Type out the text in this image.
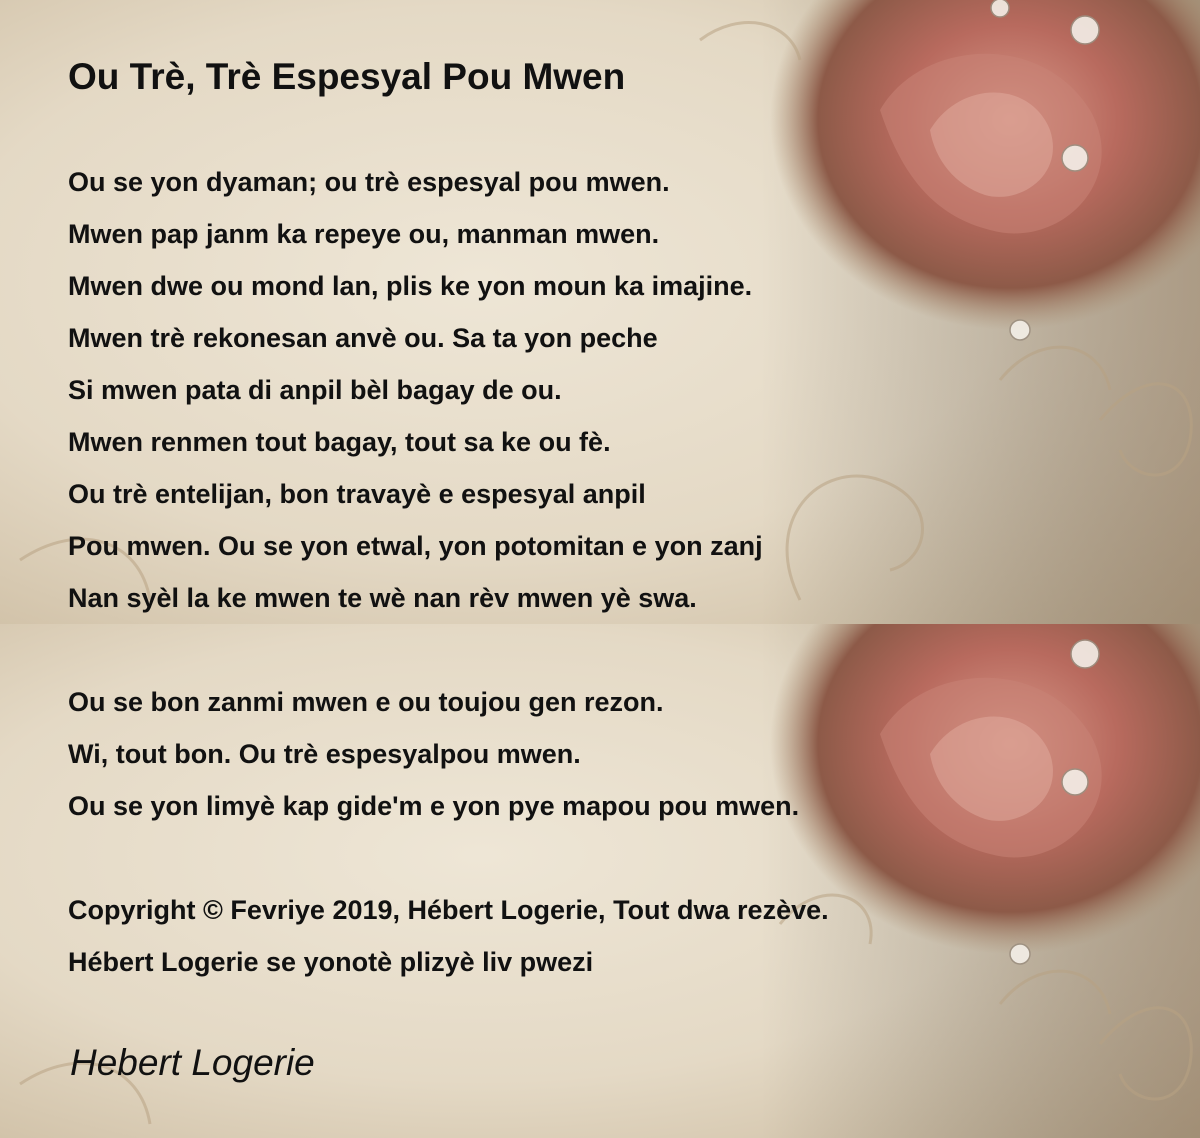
Ou Trè, Trè Espesyal Pou Mwen
Ou se yon dyaman; ou trè espesyal pou mwen.
Mwen pap janm ka repeye ou, manman mwen.
Mwen dwe ou mond lan, plis ke yon moun ka imajine.
Mwen trè rekonesan anvè ou. Sa ta yon peche
Si mwen pata di anpil bèl bagay de ou.
Mwen renmen tout bagay, tout sa ke ou fè.
Ou trè entelijan, bon travayè e espesyal anpil
Pou mwen. Ou se yon etwal, yon potomitan e yon zanj
Nan syèl la ke mwen te wè nan rèv mwen yè swa.
Ou se bon zanmi mwen e ou toujou gen rezon.
Wi, tout bon. Ou trè espesyalpou mwen.
Ou se yon limyè kap gide'm e yon pye mapou pou mwen.
Copyright © Fevriye 2019, Hébert Logerie, Tout dwa rezève.
Hébert Logerie se yonotè plizyè liv pwezi
Hebert Logerie
